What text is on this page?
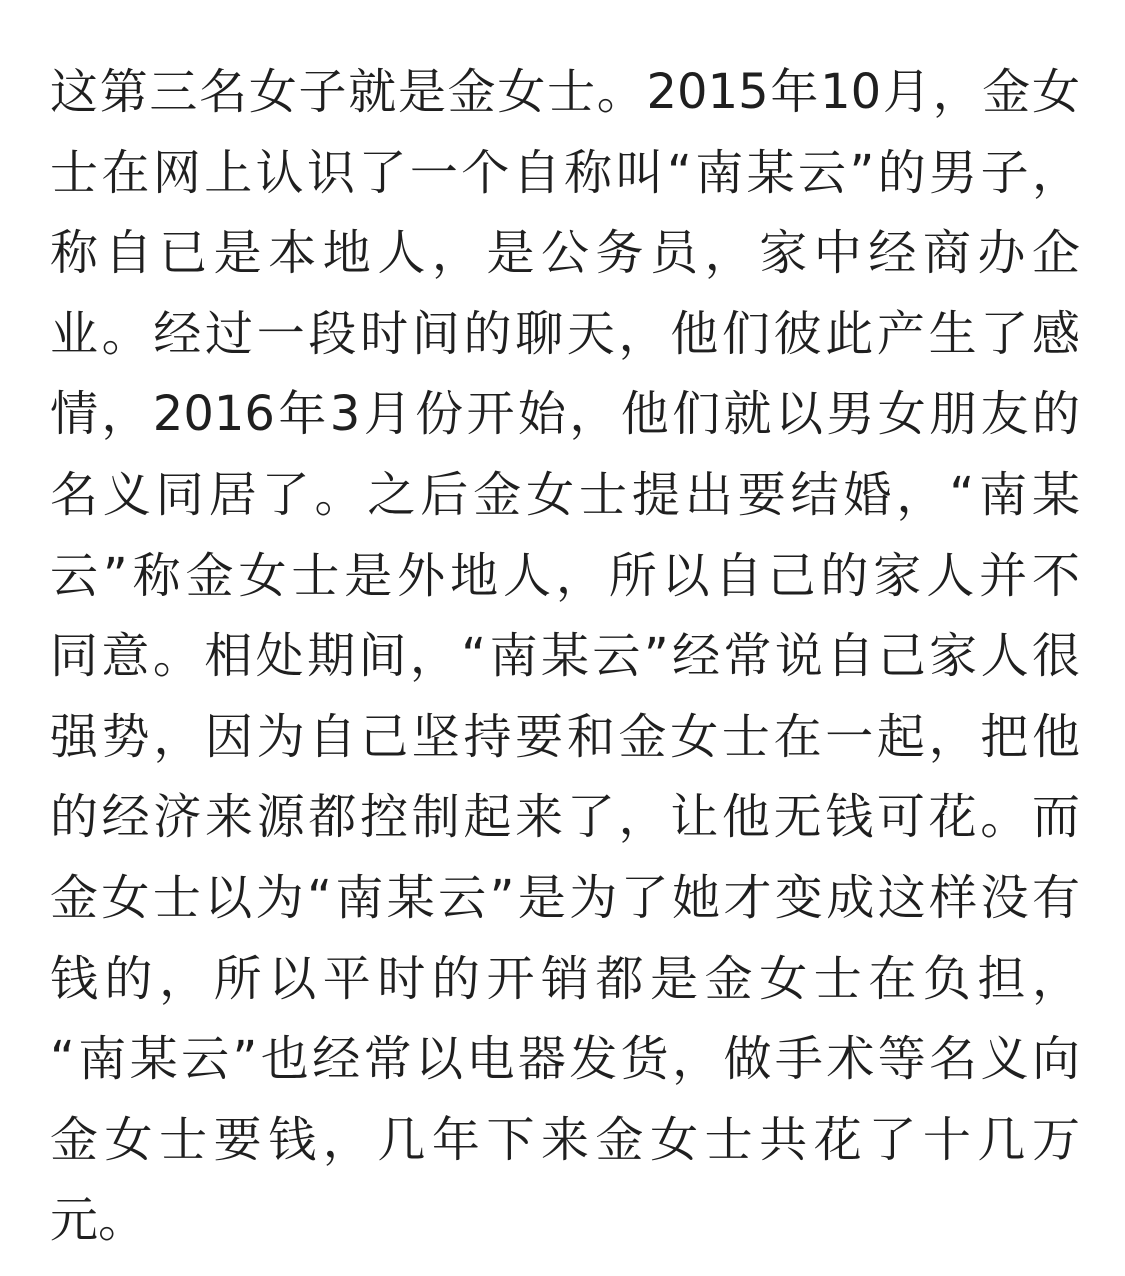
这第三名女子就是金女士。2015年10月，金女
士在网上认识了一个自称叫“南某云”的男子，
称自已是本地人，是公务员，家中经商办企
业。经过一段时间的聊天，他们彼此产生了感
情，2016年3月份开始，他们就以男女朋友的
名义同居了。之后金女士提出要结婚，“南某
云”称金女士是外地人，所以自己的家人并不
同意。相处期间，“南某云”经常说自己家人很
强势，因为自己坚持要和金女士在一起，把他
的经济来源都控制起来了，让他无钱可花。而
金女士以为“南某云”是为了她才变成这样没有
钱的，所以平时的开销都是金女士在负担，
“南某云”也经常以电器发货，做手术等名义向
金女士要钱，几年下来金女士共花了十几万
元。
